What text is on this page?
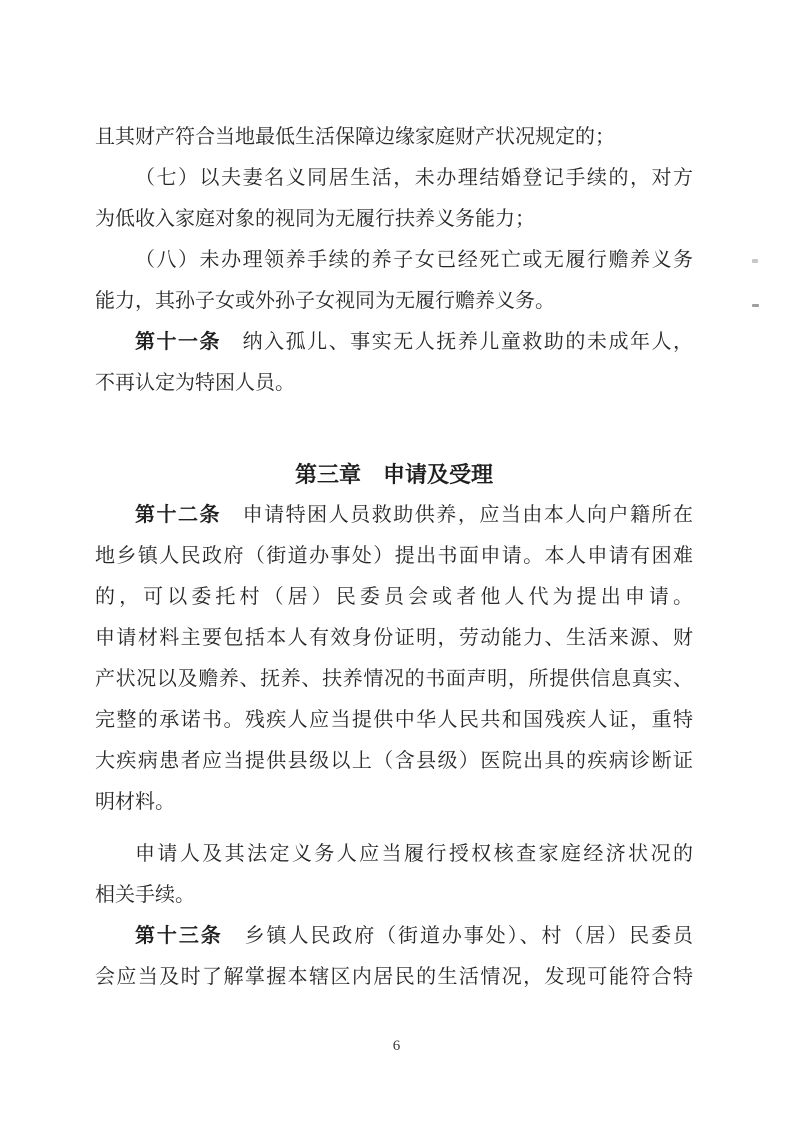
且其财产符合当地最低生活保障边缘家庭财产状况规定的；
（七）以夫妻名义同居生活，未办理结婚登记手续的，对方
为低收入家庭对象的视同为无履行扶养义务能力；
（八）未办理领养手续的养子女已经死亡或无履行赡养义务
能力，其孙子女或外孙子女视同为无履行赡养义务。
第十一条　纳入孤儿、事实无人抚养儿童救助的未成年人，
不再认定为特困人员。
第三章　申请及受理
第十二条　申请特困人员救助供养，应当由本人向户籍所在
地乡镇人民政府（街道办事处）提出书面申请。本人申请有困难
的，可以委托村（居）民委员会或者他人代为提出申请。
申请材料主要包括本人有效身份证明，劳动能力、生活来源、财
产状况以及赡养、抚养、扶养情况的书面声明，所提供信息真实、
完整的承诺书。残疾人应当提供中华人民共和国残疾人证，重特
大疾病患者应当提供县级以上（含县级）医院出具的疾病诊断证
明材料。
申请人及其法定义务人应当履行授权核查家庭经济状况的
相关手续。
第十三条　乡镇人民政府（街道办事处）、村（居）民委员
会应当及时了解掌握本辖区内居民的生活情况，发现可能符合特
6
